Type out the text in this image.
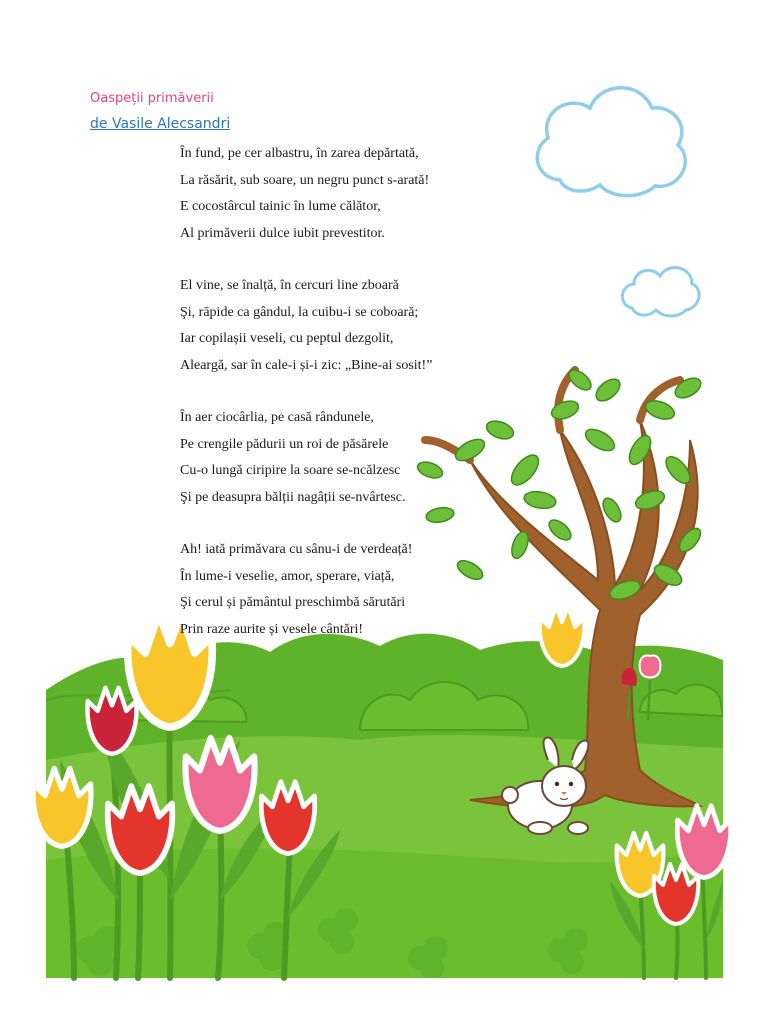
Oaspeții primăverii
de Vasile Alecsandri
În fund, pe cer albastru, în zarea depărtată,
La răsărit, sub soare, un negru punct s-arată!
E cocostârcul tainic în lume călător,
Al primăverii dulce iubit prevestitor.
El vine, se înalță, în cercuri line zboară
Şi, rāpide ca gândul, la cuibu-i se coboară;
Iar copilașii veseli, cu peptul dezgolit,
Aleargă, sar în cale-i și-i zic: „Bine-ai sosit!”
În aer ciocârlia, pe casă rândunele,
Pe crengile pădurii un roi de păsărele
Cu-o lungă ciripire la soare se-ncălzesc
Şi pe deasupra bălții nagâții se-nvârtesc.
Ah! iată primăvara cu sânu-i de verdeață!
În lume-i veselie, amor, sperare, viață,
Şi cerul și pământul preschimbă sărutări
Prin raze aurite și vesele cântări!
